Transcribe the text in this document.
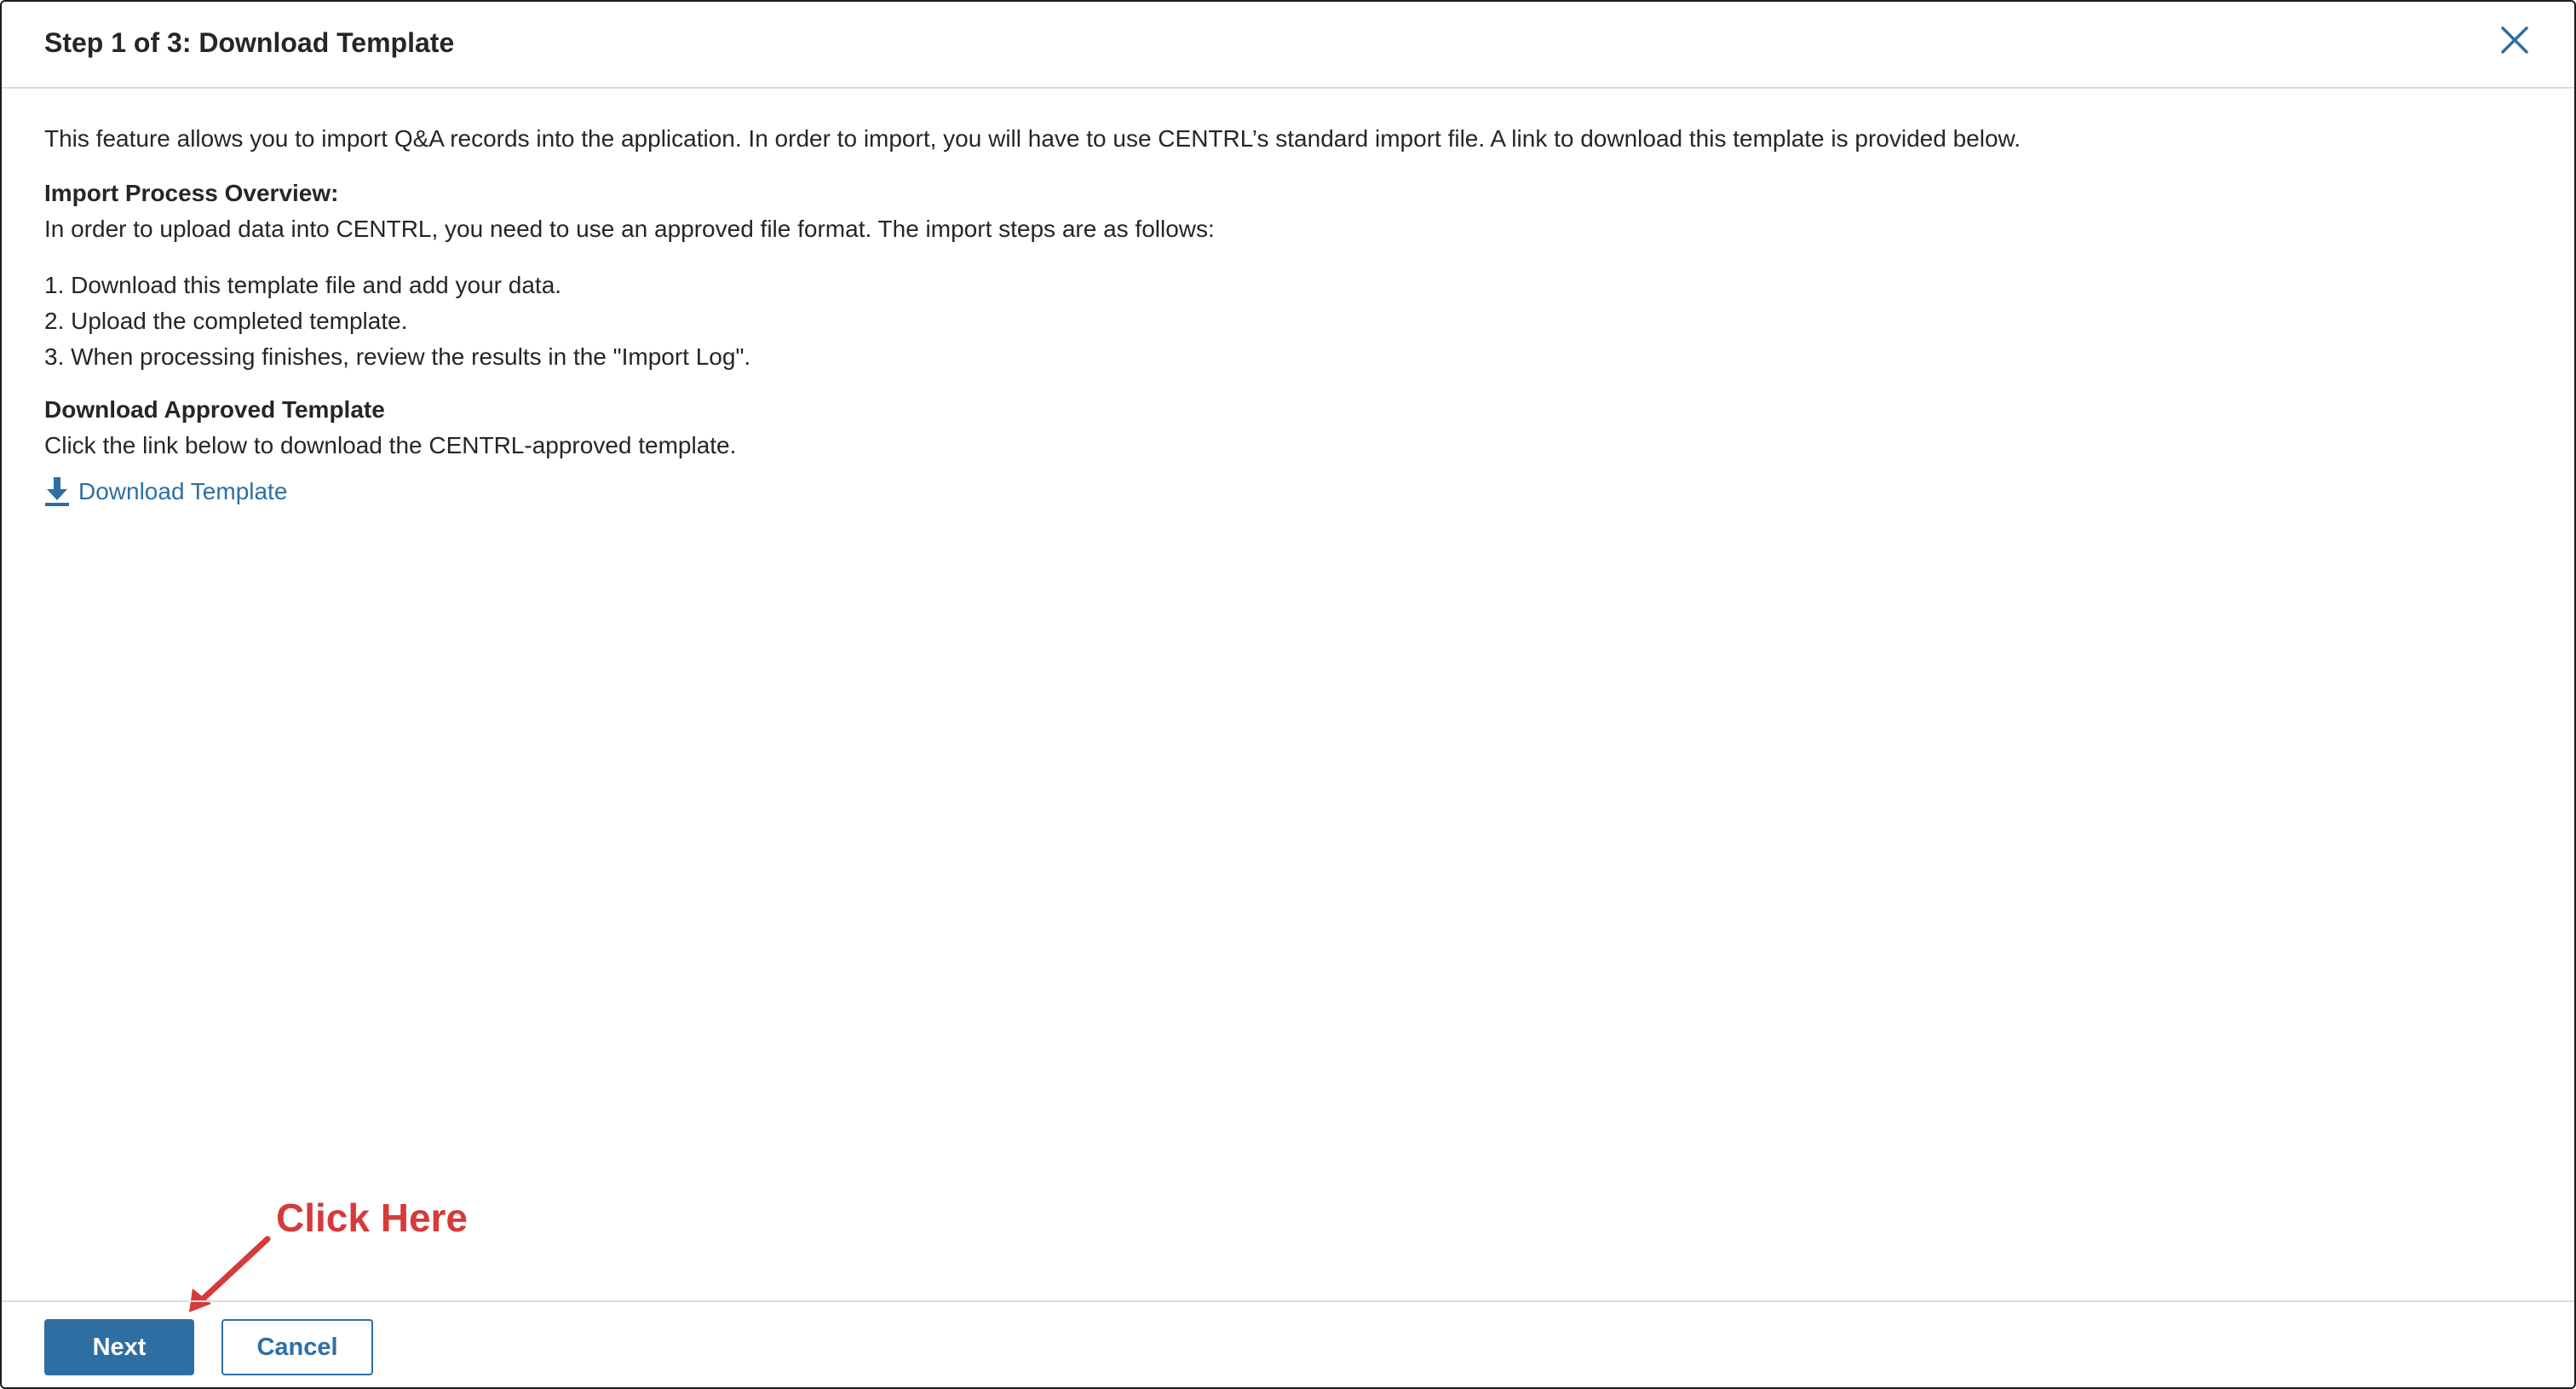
Step 1 of 3: Download Template

This feature allows you to import Q&A records into the application. In order to import, you will have to use CENTRL’s standard import file. A link to download this template is provided below.

Import Process Overview:

In order to upload data into CENTRL, you need to use an approved file format. The import steps are as follows:

1. Download this template file and add your data.

2. Upload the completed template.

3. When processing finishes, review the results in the "Import Log".

Download Approved Template

Click the link below to download the CENTRL-approved template.

Download Template
Click Here
Next	Cancel
